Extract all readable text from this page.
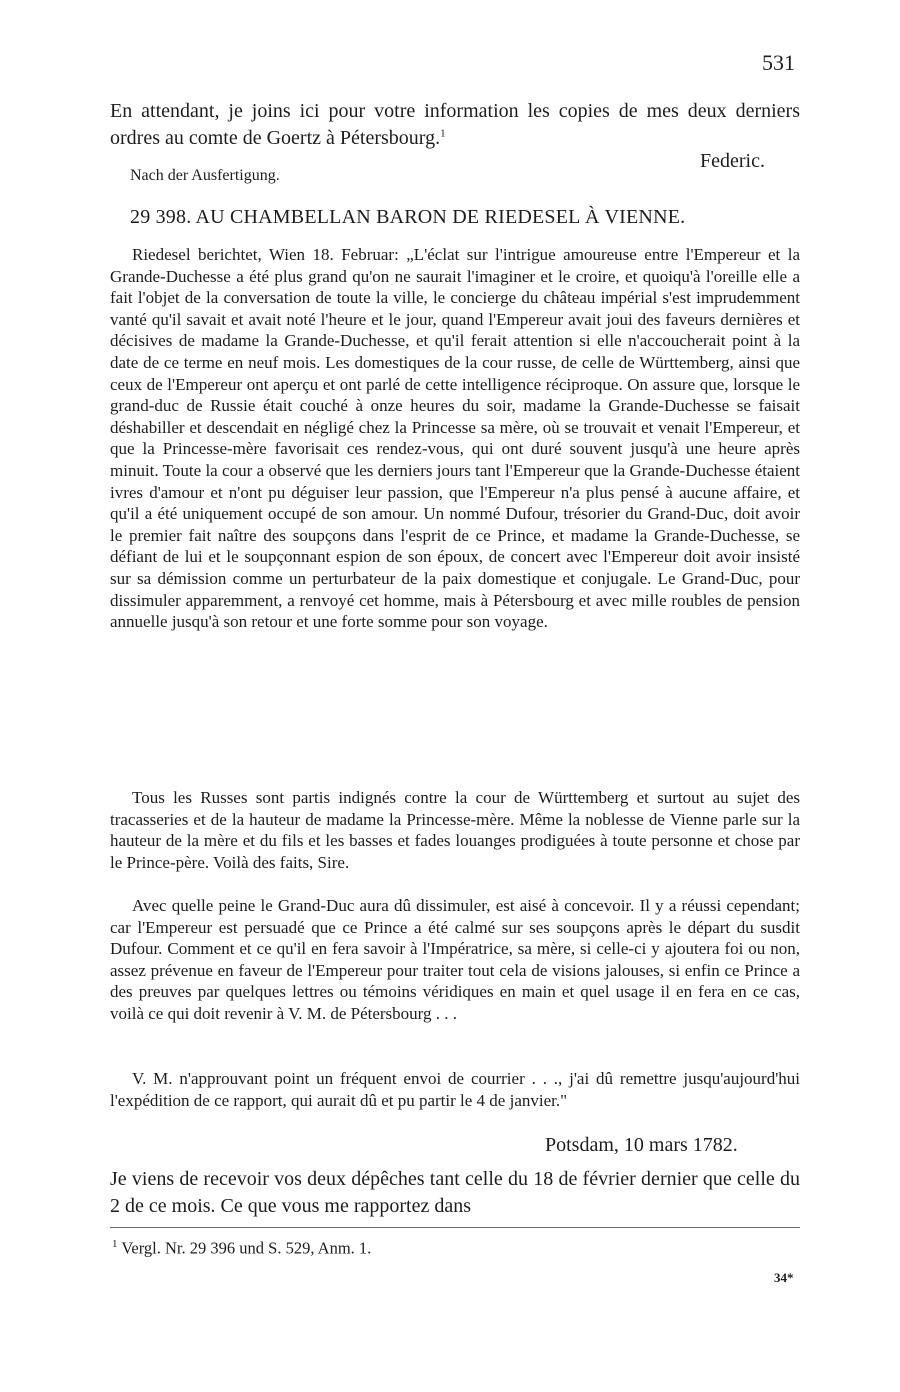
531

En attendant, je joins ici pour votre information les copies de mes deux derniers ordres au comte de Goertz à Pétersbourg.$^1$

Federic.
Nach der Ausfertigung.
29 398. AU CHAMBELLAN BARON DE RIEDESEL À VIENNE.

Riedesel berichtet, Wien 18. Februar: „L'éclat sur l'intrigue amoureuse entre l'Empereur et la Grande-Duchesse a été plus grand qu'on ne saurait l'imaginer et le croire, et quoiqu'à l'oreille elle a fait l'objet de la conversation de toute la ville, le concierge du château impérial s'est imprudemment vanté qu'il savait et avait noté l'heure et le jour, quand l'Empereur avait joui des faveurs dernières et décisives de madame la Grande-Duchesse, et qu'il ferait attention si elle n'accoucherait point à la date de ce terme en neuf mois. Les domestiques de la cour russe, de celle de Württemberg, ainsi que ceux de l'Empereur ont aperçu et ont parlé de cette intelligence réciproque. On assure que, lorsque le grand-duc de Russie était couché à onze heures du soir, madame la Grande-Duchesse se faisait déshabiller et descendait en négligé chez la Princesse sa mère, où se trouvait et venait l'Empereur, et que la Princesse-mère favorisait ces rendez-vous, qui ont duré souvent jusqu'à une heure après minuit. Toute la cour a observé que les derniers jours tant l'Empereur que la Grande-Duchesse étaient ivres d'amour et n'ont pu déguiser leur passion, que l'Empereur n'a plus pensé à aucune affaire, et qu'il a été uniquement occupé de son amour. Un nommé Dufour, trésorier du Grand-Duc, doit avoir le premier fait naître des soupçons dans l'esprit de ce Prince, et madame la Grande-Duchesse, se défiant de lui et le soupçonnant espion de son époux, de concert avec l'Empereur doit avoir insisté sur sa démission comme un perturbateur de la paix domestique et conjugale. Le Grand-Duc, pour dissimuler apparemment, a renvoyé cet homme, mais à Pétersbourg et avec mille roubles de pension annuelle jusqu'à son retour et une forte somme pour son voyage.

Tous les Russes sont partis indignés contre la cour de Württemberg et surtout au sujet des tracasseries et de la hauteur de madame la Princesse-mère. Même la noblesse de Vienne parle sur la hauteur de la mère et du fils et les basses et fades louanges prodiguées à toute personne et chose par le Prince-père. Voilà des faits, Sire.

Avec quelle peine le Grand-Duc aura dû dissimuler, est aisé à concevoir. Il y a réussi cependant; car l'Empereur est persuadé que ce Prince a été calmé sur ses soupçons après le départ du susdit Dufour. Comment et ce qu'il en fera savoir à l'Impératrice, sa mère, si celle-ci y ajoutera foi ou non, assez prévenue en faveur de l'Empereur pour traiter tout cela de visions jalouses, si enfin ce Prince a des preuves par quelques lettres ou témoins véridiques en main et quel usage il en fera en ce cas, voilà ce qui doit revenir à V. M. de Pétersbourg . . .

V. M. n'approuvant point un fréquent envoi de courrier . . ., j'ai dû remettre jusqu'aujourd'hui l'expédition de ce rapport, qui aurait dû et pu partir le 4 de janvier."

Potsdam, 10 mars 1782.

Je viens de recevoir vos deux dépêches tant celle du 18 de février dernier que celle du 2 de ce mois. Ce que vous me rapportez dans

$^1$ Vergl. Nr. 29 396 und S. 529, Anm. 1.
34*
